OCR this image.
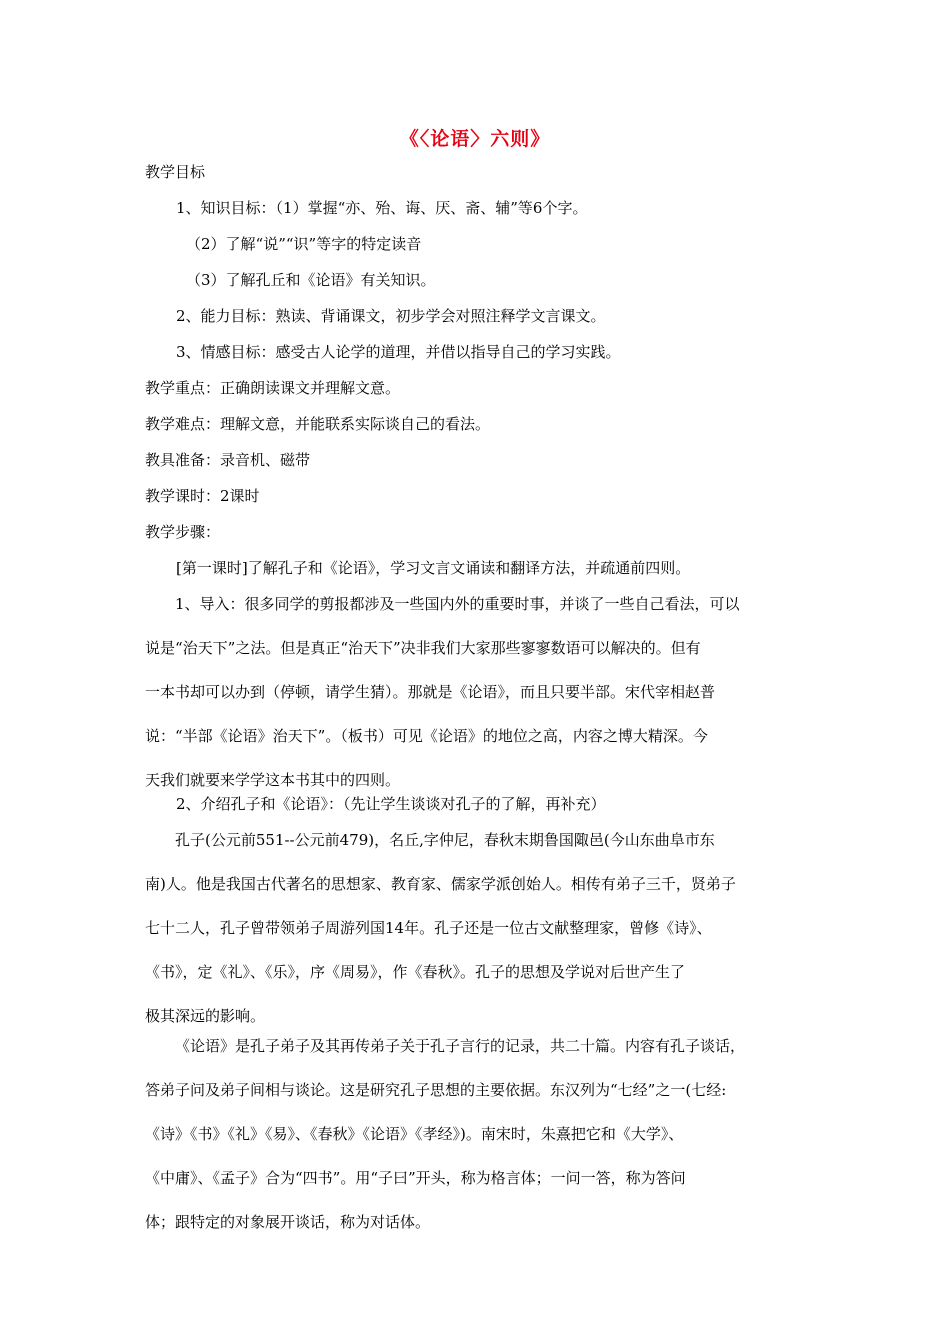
《〈论语〉六则》
教学目标
1、知识目标：（1）掌握“亦、殆、诲、厌、斋、辅”等6个字。
（2）了解“说”“识”等字的特定读音
（3）了解孔丘和《论语》有关知识。
2、能力目标：熟读、背诵课文，初步学会对照注释学文言课文。
3、情感目标：感受古人论学的道理，并借以指导自己的学习实践。
教学重点：正确朗读课文并理解文意。
教学难点：理解文意，并能联系实际谈自己的看法。
教具准备：录音机、磁带
教学课时：2课时
教学步骤：
[第一课时]了解孔子和《论语》，学习文言文诵读和翻译方法，并疏通前四则。
1、导入：很多同学的剪报都涉及一些国内外的重要时事，并谈了一些自己看法，可以
说是“治天下”之法。但是真正“治天下”决非我们大家那些寥寥数语可以解决的。但有
一本书却可以办到（停顿，请学生猜）。那就是《论语》，而且只要半部。宋代宰相赵普
说：“半部《论语》治天下”。（板书）可见《论语》的地位之高，内容之博大精深。今
天我们就要来学学这本书其中的四则。
2、介绍孔子和《论语》：（先让学生谈谈对孔子的了解，再补充）
孔子(公元前551--公元前479)，名丘,字仲尼，春秋末期鲁国陬邑(今山东曲阜市东
南)人。他是我国古代著名的思想家、教育家、儒家学派创始人。相传有弟子三千，贤弟子
七十二人，孔子曾带领弟子周游列国14年。孔子还是一位古文献整理家，曾修《诗》、
《书》，定《礼》、《乐》，序《周易》，作《春秋》。孔子的思想及学说对后世产生了
极其深远的影响。
《论语》是孔子弟子及其再传弟子关于孔子言行的记录，共二十篇。内容有孔子谈话，
答弟子问及弟子间相与谈论。这是研究孔子思想的主要依据。东汉列为“七经”之一(七经:
《诗》《书》《礼》《易》、《春秋》《论语》《孝经》)。南宋时，朱熹把它和《大学》、
《中庸》、《孟子》合为“四书”。用“子曰”开头，称为格言体；一问一答，称为答问
体；跟特定的对象展开谈话，称为对话体。
